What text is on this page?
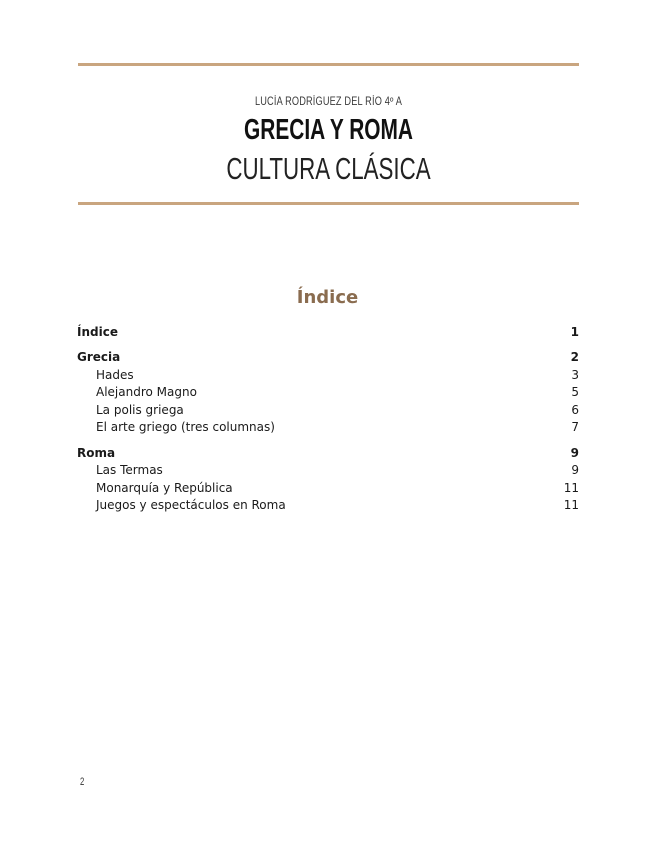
LUCÍA RODRÍGUEZ DEL RÍO 4º A
GRECIA Y ROMA
CULTURA CLÁSICA
Índice
Índice	1
Grecia	2
Hades	3
Alejandro Magno	5
La polis griega	6
El arte griego (tres columnas)	7
Roma	9
Las Termas	9
Monarquía y República	11
Juegos y espectáculos en Roma	11
2
